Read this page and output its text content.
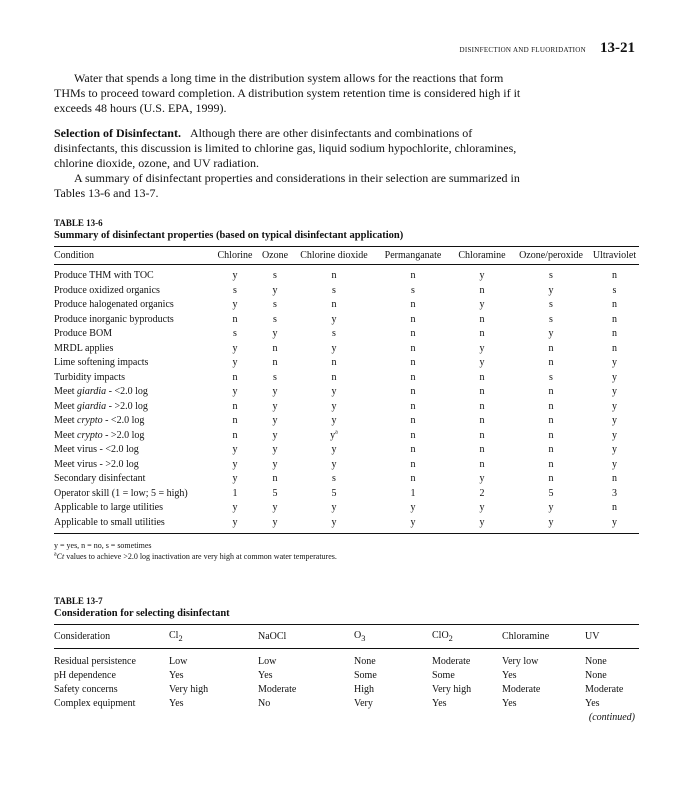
DISINFECTION AND FLUORIDATION 13-21

Water that spends a long time in the distribution system allows for the reactions that form THMs to proceed toward completion. A distribution system retention time is considered high if it exceeds 48 hours (U.S. EPA, 1999).

Selection of Disinfectant. Although there are other disinfectants and combinations of disinfectants, this discussion is limited to chlorine gas, liquid sodium hypochlorite, chloramines, chlorine dioxide, ozone, and UV radiation.

A summary of disinfectant properties and considerations in their selection are summarized in Tables 13-6 and 13-7.

TABLE 13-6
Summary of disinfectant properties (based on typical disinfectant application)
Condition	Chlorine	Ozone	Chlorine dioxide	Permanganate	Chloramine	Ozone/peroxide	Ultraviolet
Produce THM with TOC	y	s	n	n	y	s	n
Produce oxidized organics	s	y	s	s	n	y	s
Produce halogenated organics	y	s	n	n	y	s	n
Produce inorganic byproducts	n	s	y	n	n	s	n
Produce BOM	s	y	s	n	n	y	n
MRDL applies	y	n	y	n	y	n	n
Lime softening impacts	y	n	n	n	y	n	y
Turbidity impacts	n	s	n	n	n	s	y
Meet giardia - <2.0 log	y	y	y	n	n	n	y
Meet giardia - >2.0 log	n	y	y	n	n	n	y
Meet crypto - <2.0 log	n	y	y	n	n	n	y
Meet crypto - >2.0 log	n	y	$y^a$	n	n	n	y
Meet virus - <2.0 log	y	y	y	n	n	n	y
Meet virus - >2.0 log	y	y	y	n	n	n	y
Secondary disinfectant	y	n	s	n	y	n	n
Operator skill (1 = low; 5 = high)	1	5	5	1	2	5	3
Applicable to large utilities	y	y	y	y	y	y	n
Applicable to small utilities	y	y	y	y	y	y	y
y = yes, n = no, s = sometimes
$^a$Ct values to achieve >2.0 log inactivation are very high at common water temperatures.
TABLE 13-7
Consideration for selecting disinfectant
Consideration	$Cl_2$	NaOCl	$O_3$	ClO$_2$	Chloramine	UV
Residual persistence	Low	Low	None	Moderate	Very low	None
pH dependence	Yes	Yes	Some	Some	Yes	None
Safety concerns	Very high	Moderate	High	Very high	Moderate	Moderate
Complex equipment	Yes	No	Very	Yes	Yes	Yes
(continued)
